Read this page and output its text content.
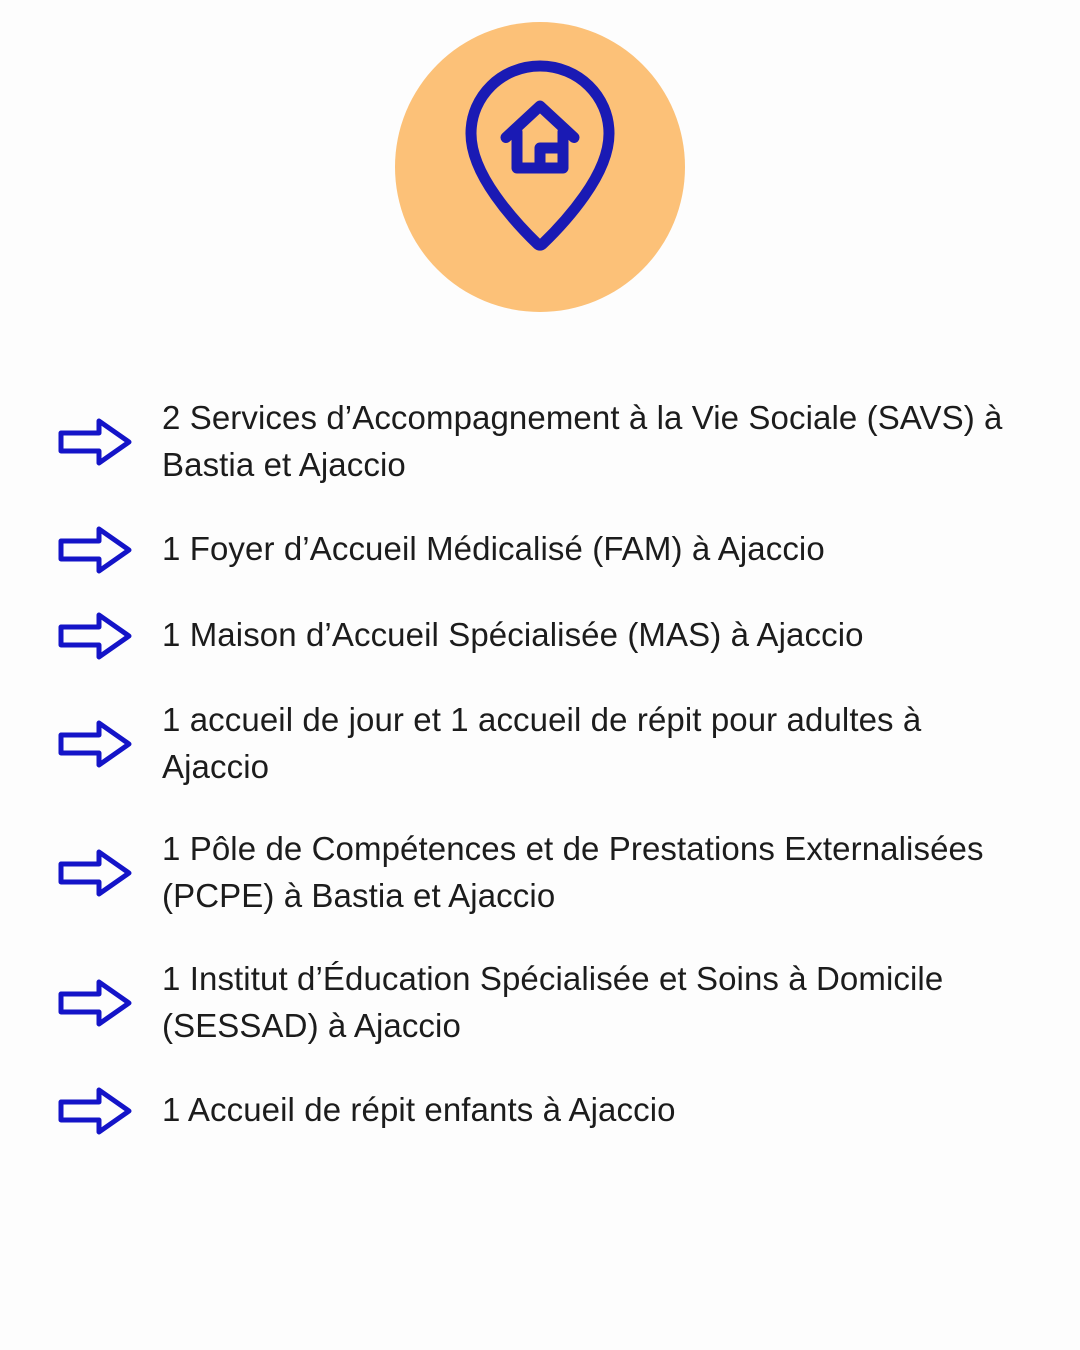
2 Services d’Accompagnement à la Vie Sociale (SAVS) à Bastia et Ajaccio
1 Foyer d’Accueil Médicalisé (FAM) à Ajaccio
1 Maison d’Accueil Spécialisée (MAS) à Ajaccio
1 accueil de jour et 1 accueil de répit pour adultes à Ajaccio
1 Pôle de Compétences et de Prestations Externalisées (PCPE) à Bastia et Ajaccio
1 Institut d’Éducation Spécialisée et Soins à Domicile (SESSAD) à Ajaccio
1 Accueil de répit enfants à Ajaccio
